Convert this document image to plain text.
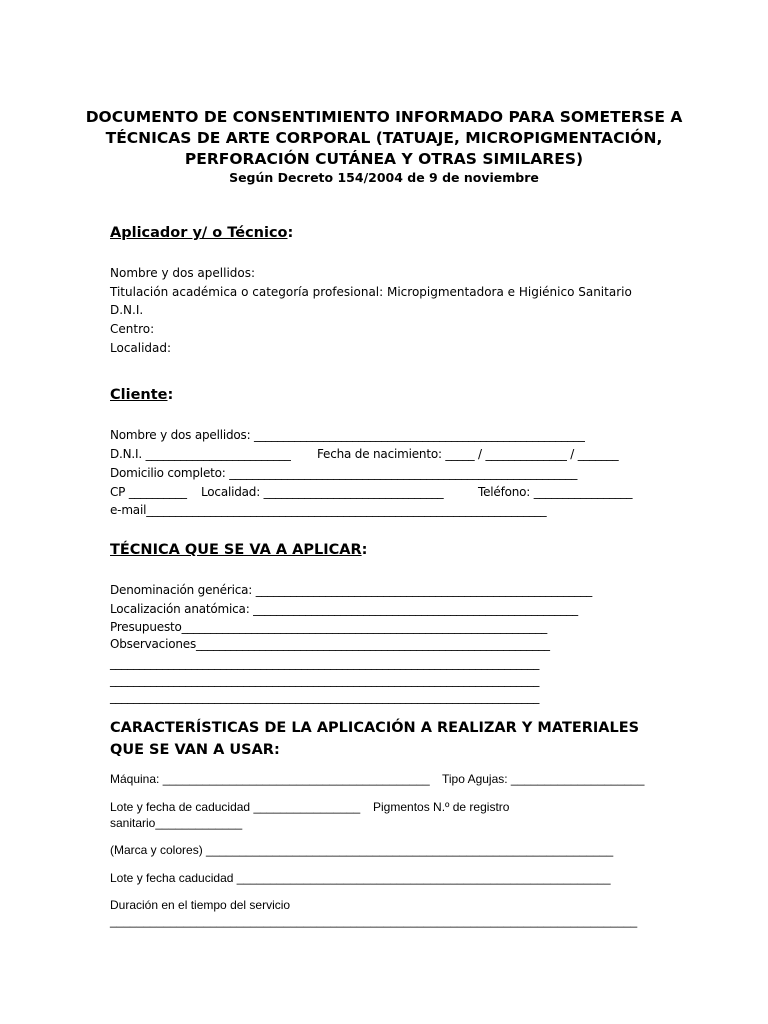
DOCUMENTO DE CONSENTIMIENTO INFORMADO PARA SOMETERSE A TÉCNICAS DE ARTE CORPORAL (TATUAJE, MICROPIGMENTACIÓN, PERFORACIÓN CUTÁNEA Y OTRAS SIMILARES)
Según Decreto 154/2004 de 9 de noviembre
Aplicador y/ o Técnico:
Nombre y dos apellidos:
Titulación académica o categoría profesional: Micropigmentadora e Higiénico Sanitario
D.N.I.
Centro:
Localidad:
Cliente:
Nombre y dos apellidos: _________________________________________________________
D.N.I. _________________________ Fecha de nacimiento: _____ / ______________ / _______
Domicilio completo: ____________________________________________________________
CP __________ Localidad: _______________________________	Teléfono: _________________
e-mail_____________________________________________________________________
TÉCNICA QUE SE VA A APLICAR:
Denominación genérica: __________________________________________________________
Localización anatómica: ________________________________________________________
Presupuesto_______________________________________________________________
Observaciones_____________________________________________________________
__________________________________________________________________________
__________________________________________________________________________
__________________________________________________________________________
CARACTERÍSTICAS DE LA APLICACIÓN A REALIZAR Y MATERIALES QUE SE VAN A USAR:
Máquina: ________________________________________ Tipo Agujas: ____________________
Lote y fecha de caducidad ________________ Pigmentos N.º de registro
sanitario_____________
(Marca y colores) _____________________________________________________________
Lote y fecha caducidad ________________________________________________________
Duración en el tiempo del servicio
_______________________________________________________________________________
